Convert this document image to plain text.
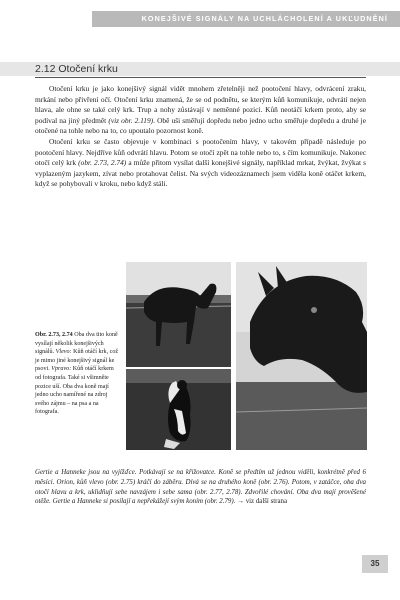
KONEJŠIVÉ SIGNÁLY NA UCHLÁCHOLENÍ A UKĽUDNĚNÍ
2.12 Otočení krku

Otočení krku je jako konejšivý signál vidět mnohem zřetelněji než pootočení hlavy, odvrácení zraku, mrkání nebo přivření očí. Otočení krku znamená, že se od podnětu, se kterým kůň komunikuje, odvrátí nejen hlava, ale ohne se také celý krk. Trup a nohy zůstávají v neměnné pozici. Kůň neotáčí krkem proto, aby se podíval na jiný předmět (viz obr. 2.119). Obě uši směřují dopředu nebo jedno ucho směřuje dopředu a druhé je otočené na tohle nebo na to, co upoutalo pozornost koně.

Otočení krku se často objevuje v kombinaci s pootočením hlavy, v takovém případě následuje po pootočení hlavy. Nejdříve kůň odvrátí hlavu. Potom se otočí zpět na tohle nebo to, s čím komunikuje. Nakonec otočí celý krk (obr. 2.73, 2.74) a může přitom vysílat další konejšivé signály, například mrkat, žvýkat, žvýkat s vyplazeným jazykem, zívat nebo protahovat čelist. Na svých videozáznamech jsem viděla koně otáčet krkem, když se pohybovali v kroku, nebo když stáli.

Obr. 2.73, 2.74 Oba dva tito koně vysílají několik konejšivých signálů. Vlevo: Kůň otáčí krk, což je mimo jiné konejšivý signál ke psovi. Vpravo: Kůň otáčí krkem od fotografa. Také si všimněte pozice uší. Oba dva koně mají jedno ucho namířené na zdroj svého zájmu – na psa a na fotografa.
Gertie a Hanneke jsou na vyjížďce. Potkávají se na křižovatce. Koně se předtím už jednou viděli, konkrétně před 6 měsíci. Orion, kůň vlevo (obr. 2.75) kráčí do záběru. Dívá se na druhého koně (obr. 2.76). Potom, v zatáčce, oba dva otočí hlavu a krk, uklidňují sebe navzájem i sebe sama (obr. 2.77, 2.78). Zdvořilé chování. Oba dva mají prověšené otěže. Gertie a Hanneke si posílají a nepřekážejí svým koním (obr. 2.79). → viz další strana
35
